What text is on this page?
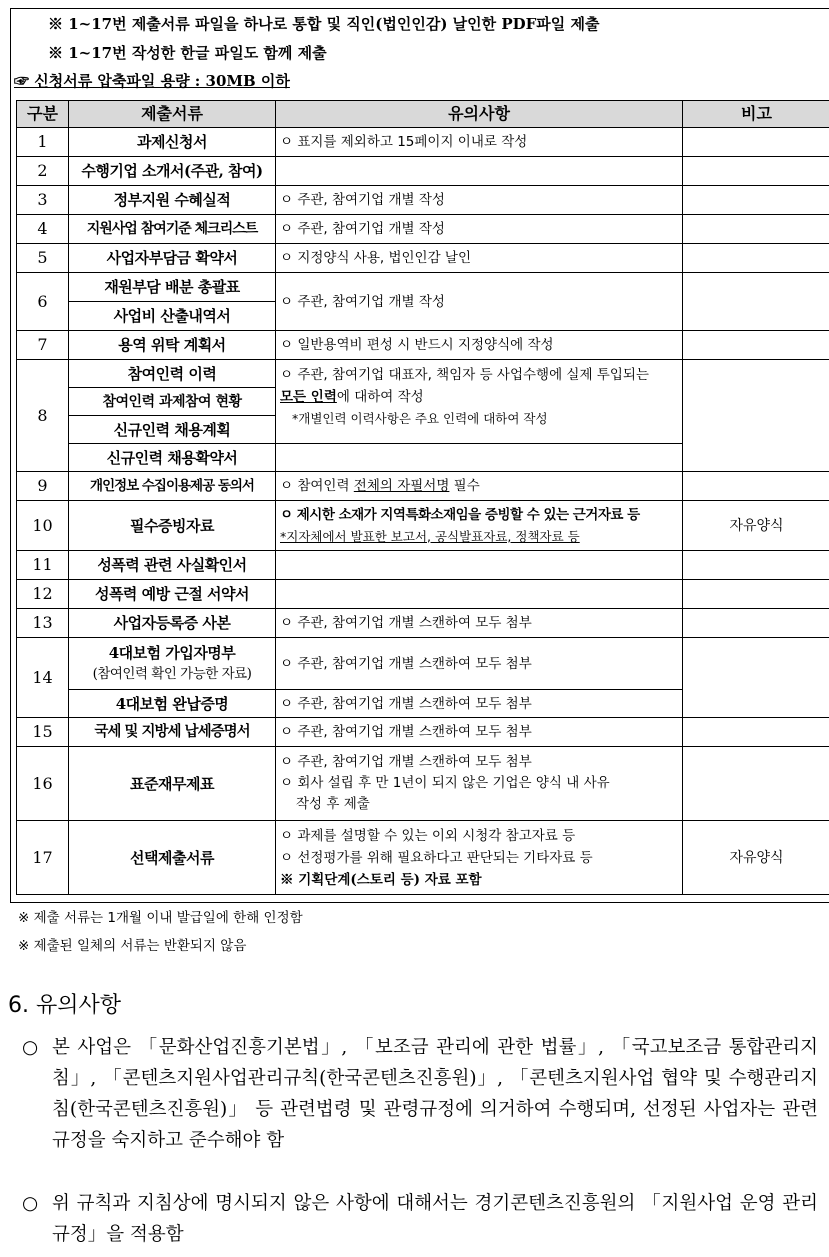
※ 1~17번 제출서류 파일을 하나로 통합 및 직인(법인인감) 날인한 PDF파일 제출
※ 1~17번 작성한 한글 파일도 함께 제출
☞ 신청서류 압축파일 용량 : 30MB 이하
구분	제출서류	유의사항	비고
1	과제신청서	ㅇ 표지를 제외하고 15페이지 이내로 작성	
2	수행기업 소개서(주관, 참여)		
3	정부지원 수혜실적	ㅇ 주관, 참여기업 개별 작성	
4	지원사업 참여기준 체크리스트	ㅇ 주관, 참여기업 개별 작성	
5	사업자부담금 확약서	ㅇ 지정양식 사용, 법인인감 날인	
6	재원부담 배분 총괄표	ㅇ 주관, 참여기업 개별 작성	
	사업비 산출내역서		
7	용역 위탁 계획서	ㅇ 일반용역비 편성 시 반드시 지정양식에 작성	
8	참여인력 이력	ㅇ 주관, 참여기업 대표자, 책임자 등 사업수행에 실제 투입되는
모든 인력에 대하여 작성
*개별인력 이력사항은 주요 인력에 대하여 작성	
	참여인력 과제참여 현황		
	신규인력 채용계획		
	신규인력 채용확약서		
9	개인정보 수집이용제공 동의서	ㅇ 참여인력 전체의 자필서명 필수	
10	필수증빙자료	ㅇ 제시한 소재가 지역특화소재임을 증빙할 수 있는 근거자료 등
*지자체에서 발표한 보고서, 공식발표자료, 정책자료 등	자유양식
11	성폭력 관련 사실확인서		
12	성폭력 예방 근절 서약서		
13	사업자등록증 사본	ㅇ 주관, 참여기업 개별 스캔하여 모두 첨부	
14	4대보험 가입자명부
(참여인력 확인 가능한 자료)	ㅇ 주관, 참여기업 개별 스캔하여 모두 첨부	
	4대보험 완납증명	ㅇ 주관, 참여기업 개별 스캔하여 모두 첨부	
15	국세 및 지방세 납세증명서	ㅇ 주관, 참여기업 개별 스캔하여 모두 첨부	
16	표준재무제표	ㅇ 주관, 참여기업 개별 스캔하여 모두 첨부
ㅇ 회사 설립 후 만 1년이 되지 않은 기업은 양식 내 사유
작성 후 제출	
17	선택제출서류	ㅇ 과제를 설명할 수 있는 이외 시청각 참고자료 등
ㅇ 선정평가를 위해 필요하다고 판단되는 기타자료 등
※ 기획단계(스토리 등) 자료 포함	자유양식
※ 제출 서류는 1개월 이내 발급일에 한해 인정함
※ 제출된 일체의 서류는 반환되지 않음
6. 유의사항
○ 본 사업은 「문화산업진흥기본법」, 「보조금 관리에 관한 법률」, 「국고보조금 통합관리지침」, 「콘텐츠지원사업관리규칙(한국콘텐츠진흥원)」, 「콘텐츠지원사업 협약 및 수행관리지침(한국콘텐츠진흥원)」 등 관련법령 및 관령규정에 의거하여 수행되며, 선정된 사업자는 관련규정을 숙지하고 준수해야 함
○ 위 규칙과 지침상에 명시되지 않은 사항에 대해서는 경기콘텐츠진흥원의 「지원사업 운영 관리 규정」을 적용함
